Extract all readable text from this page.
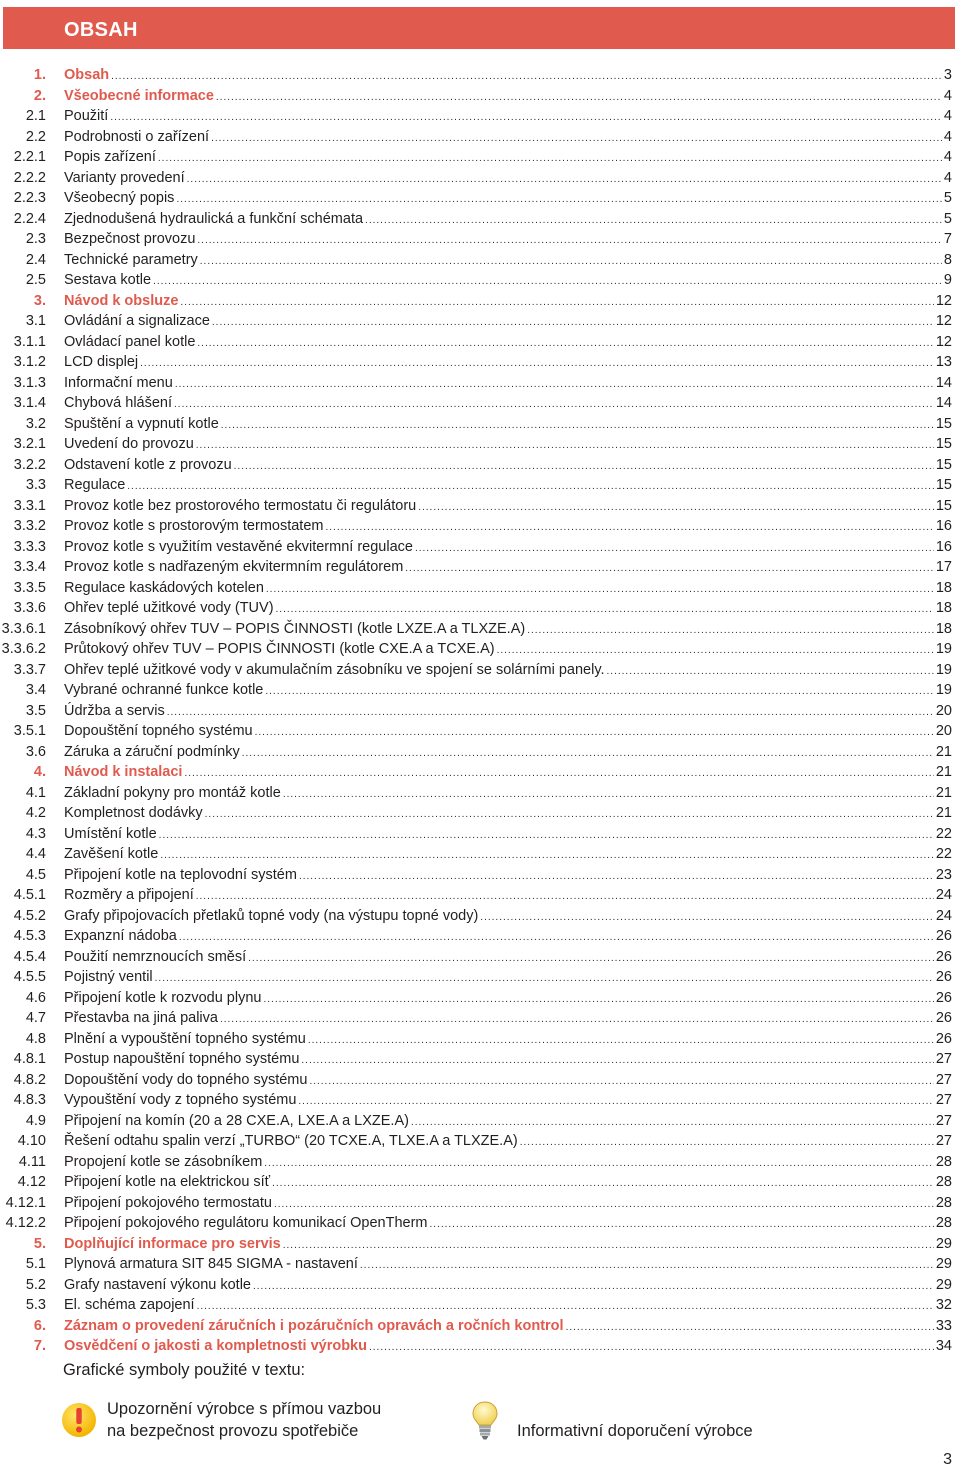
OBSAH
1. Obsah .....	3
2. Všeobecné informace .....	4
2.1 Použití .....	4
2.2 Podrobnosti o zařízení .....	4
2.2.1 Popis zařízení .....	4
2.2.2 Varianty provedení .....	4
2.2.3 Všeobecný popis .....	5
2.2.4 Zjednodušená hydraulická a funkční schémata .....	5
2.3 Bezpečnost provozu .....	7
2.4 Technické parametry .....	8
2.5 Sestava kotle .....	9
3. Návod k obsluze .....	12
3.1 Ovládání a signalizace .....	12
3.1.1 Ovládací panel kotle .....	12
3.1.2 LCD displej .....	13
3.1.3 Informační menu .....	14
3.1.4 Chybová hlášení .....	14
3.2 Spuštění a vypnutí kotle .....	15
3.2.1 Uvedení do provozu .....	15
3.2.2 Odstavení kotle z provozu .....	15
3.3 Regulace .....	15
3.3.1 Provoz kotle bez prostorového termostatu či regulátoru .....	15
3.3.2 Provoz kotle s prostorovým termostatem .....	16
3.3.3 Provoz kotle s využitím vestavěné ekvitermní regulace .....	16
3.3.4 Provoz kotle s nadřazeným ekvitermním regulátorem .....	17
3.3.5 Regulace kaskádových kotelen .....	18
3.3.6 Ohřev teplé užitkové vody (TUV) .....	18
3.3.6.1 Zásobníkový ohřev TUV – POPIS ČINNOSTI (kotle LXZE.A a TLXZE.A) .....	18
3.3.6.2 Průtokový ohřev TUV – POPIS ČINNOSTI (kotle CXE.A a TCXE.A) .....	19
3.3.7 Ohřev teplé užitkové vody v akumulačním zásobníku ve spojení se solárními panely. .....	19
3.4 Vybrané ochranné funkce kotle .....	19
3.5 Údržba a servis .....	20
3.5.1 Dopouštění topného systému .....	20
3.6 Záruka a záruční podmínky .....	21
4. Návod k instalaci .....	21
4.1 Základní pokyny pro montáž kotle .....	21
4.2 Kompletnost dodávky .....	21
4.3 Umístění kotle .....	22
4.4 Zavěšení kotle .....	22
4.5 Připojení kotle na teplovodní systém .....	23
4.5.1 Rozměry a připojení .....	24
4.5.2 Grafy připojovacích přetlaků topné vody (na výstupu topné vody) .....	24
4.5.3 Expanzní nádoba .....	26
4.5.4 Použití nemrznoucích směsí .....	26
4.5.5 Pojistný ventil .....	26
4.6 Připojení kotle k rozvodu plynu .....	26
4.7 Přestavba na jiná paliva .....	26
4.8 Plnění a vypouštění topného systému .....	26
4.8.1 Postup napouštění topného systému .....	27
4.8.2 Dopouštění vody do topného systému .....	27
4.8.3 Vypouštění vody z topného systému .....	27
4.9 Připojení na komín (20 a 28 CXE.A, LXE.A a LXZE.A) .....	27
4.10 Řešení odtahu spalin verzí „TURBO“ (20 TCXE.A, TLXE.A a TLXZE.A) .....	27
4.11 Propojení kotle se zásobníkem .....	28
4.12 Připojení kotle na elektrickou síť .....	28
4.12.1 Připojení pokojového termostatu .....	28
4.12.2 Připojení pokojového regulátoru komunikací OpenTherm .....	28
5. Doplňující informace pro servis .....	29
5.1 Plynová armatura SIT 845 SIGMA - nastavení .....	29
5.2 Grafy nastavení výkonu kotle .....	29
5.3 El. schéma zapojení .....	32
6. Záznam o provedení záručních i pozáručních opravách a ročních kontrol .....	33
7. Osvědčení o jakosti a kompletnosti výrobku .....	34
Grafické symboly použité v textu:
Upozornění výrobce s přímou vazbou
na bezpečnost provozu spotřebiče	Informativní doporučení výrobce
3
